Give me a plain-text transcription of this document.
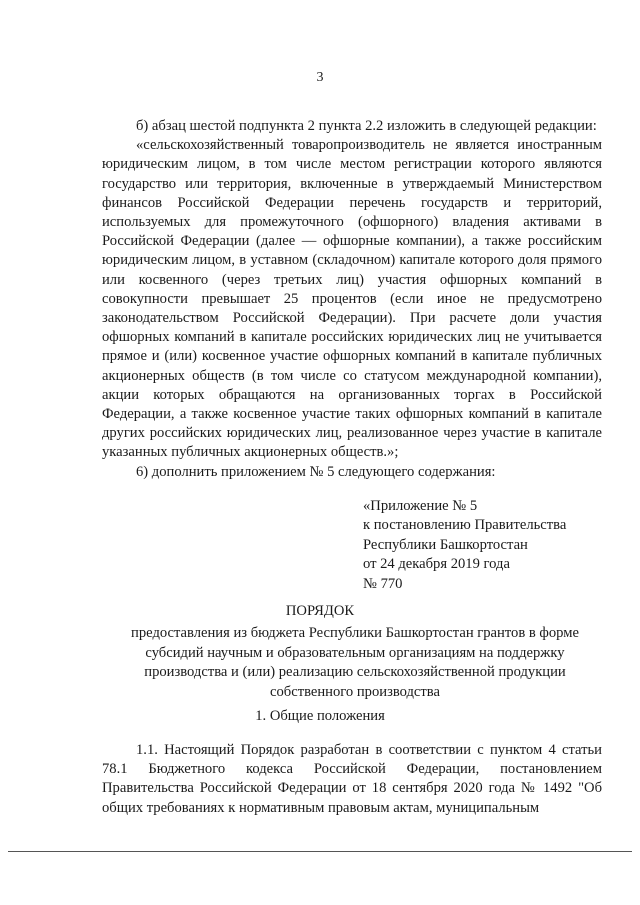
3

б) абзац шестой подпункта 2 пункта 2.2 изложить в следующей редакции:

«сельскохозяйственный товаропроизводитель не является иностранным юридическим лицом, в том числе местом регистрации которого являются государство или территория, включенные в утверждаемый Министерством финансов Российской Федерации перечень государств и территорий, используемых для промежуточного (офшорного) владения активами в Российской Федерации (далее — офшорные компании), а также российским юридическим лицом, в уставном (складочном) капитале которого доля прямого или косвенного (через третьих лиц) участия офшорных компаний в совокупности превышает 25 процентов (если иное не предусмотрено законодательством Российской Федерации). При расчете доли участия офшорных компаний в капитале российских юридических лиц не учитывается прямое и (или) косвенное участие офшорных компаний в капитале публичных акционерных обществ (в том числе со статусом международной компании), акции которых обращаются на организованных торгах в Российской Федерации, а также косвенное участие таких офшорных компаний в капитале других российских юридических лиц, реализованное через участие в капитале указанных публичных акционерных обществ.»;

6) дополнить приложением № 5 следующего содержания:

«Приложение № 5
к постановлению Правительства
Республики Башкортостан
от 24 декабря 2019 года
№ 770
ПОРЯДОК
предоставления из бюджета Республики Башкортостан грантов в форме субсидий научным и образовательным организациям на поддержку производства и (или) реализацию сельскохозяйственной продукции собственного производства
1. Общие положения

1.1. Настоящий Порядок разработан в соответствии с пунктом 4 статьи 78.1 Бюджетного кодекса Российской Федерации, постановлением Правительства Российской Федерации от 18 сентября 2020 года № 1492 "Об общих требованиях к нормативным правовым актам, муниципальным
